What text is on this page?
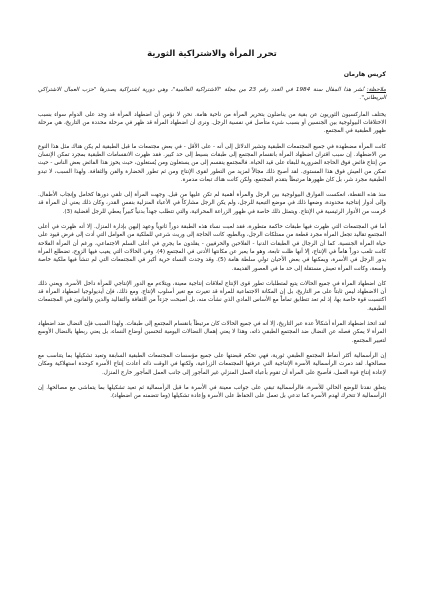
تحرر المرأة والاشتراكية الثورية
كريس هارمان

ملاحظة: نُشر هذا المقال سنة 1984 في العدد رقم 23 من مجلة "الاشتراكية العالمية"، وهي دورية اشتراكية يصدرها "حزب العمال الاشتراكي البريطاني".

يختلف الماركسيون الثوريون عن بقية من يناضلون بتحرير المرأة من ناحية هامة. نحن لا نؤمن أن اضطهاد المرأة قد وجد على الدوام سواء بسبب الاختلافات البيولوجية بين الجنسين أو بسبب شيء متأصل في نفسية الرجل. ونرى أن اضطهاد المرأة قد ظهر في مرحلة محددة من التاريخ، هي مرحلة ظهور الطبقية في المجتمع.

كانت المرأة مضطهدة في جميع المجتمعات الطبقية وتشير الدلائل إلى أنه - على الأقل - في بعض مجتمعات ما قبل الطبقية لم يكن هناك مثل هذا النوع من الاضطهاد. إن سبب اقتران اضطهاد المرأة بانقسام المجتمع إلى طبقات بسيط إلى حد كبير. فقد ظهرت الانقسامات الطبقية بمجرد تمكن الإنسان من إنتاج فائض فوق الحاجة الضرورية للبقاء على قيد الحياة. فالمجتمع ينقسم إلى من يستغلون ومن يُستغلون، حيث يحوز هذا الفائض بعض الناس - حيث تمكن من العيش فوق هذا المستوى. لقد أصبح ذلك مجالاً لمزيد من التطور لقوى الإنتاج ومن ثم تطور الحضارة والفن والثقافة. ولهذا السبب، لا تبدو الطبقية مجرد شر، بل كان ظهورها مرتبطاً بتقدم المجتمع، ولكن كانت هناك تبعات مدمرة.

منذ هذه النقطة، انعكست الفوارق البيولوجية بين الرجل والمرأة أهمية لم تكن عليها من قبل. وجهت المرأة إلى تلقي دورها كحامل وإنجاب الأطفال. وإلى أدوار إنتاجية محدودة، وضعها ذلك في موضع التبعية للرجل، ولم يكن الرجل مشاركاً في الأعباء المنزلية بنفس القدر، وكان ذلك يعني أن المرأة قد حُرمت من الأدوار الرئيسية في الإنتاج. ويتمثل ذلك خاصة في ظهور الزراعة المحراثية، والتي تتطلب جهداً بدنياً كبيراً يعطي للرجل أفضلية (3).

أما في المجتمعات التي ظهرت فيها طبقات حاكمة متطورة، فقد لعبت نساء هذه الطبقة دوراً ثانوياً وعهد إليهن بإدارة المنزل. إلا أنه ظهرت في أعلى المجتمع تقاليد تجعل المرأة مجرد قطعة من ممتلكات الرجل، وبالطبع، كانت الحاجة إلى وريث شرعي للملكية من العوامل التي أدت إلى فرض قيود على حياة المرأة الجنسية. كما أن الرجال في الطبقات الدنيا - الفلاحين والحرفيين - يقلدون ما يجري في أعلى السلم الاجتماعي، ورغم أن المرأة الفلاحة كانت تلعب دوراً هاماً في الإنتاج، إلا أنها ظلت تابعة، وهو ما يعبر عن مكانتها الأدنى في المجتمع (4). وفي الحالات التي يغيب فيها الزوج، تضطلع المرأة بدور الرجل في الأسرة، ويمكنها في بعض الأحيان تولي سلطة هامة (5). وقد وجدت النساء حرية أكبر في المجتمعات التي لم تنشأ فيها ملكية خاصة واسعة، وكانت المرأة تعيش مستقلة إلى حد ما في العصور القديمة.

كان اضطهاد المرأة في جميع الحالات يتبع لمتطلبات تطور قوى الإنتاج لعلاقات إنتاجية معينة، ويتلاءم مع الدور الإنتاجي للمرأة داخل الأسرة. ويعني ذلك أن الاضطهاد ليس ثابتاً على مر التاريخ، بل إن المكانة الاجتماعية للمرأة قد تغيرت مع تغير أسلوب الإنتاج. ومع ذلك، فإن أيديولوجيا اضطهاد المرأة قد اكتسبت قوة خاصة بها، إذ لم تعد تتطابق تماماً مع الأساس المادي الذي نشأت منه، بل أصبحت جزءاً من الثقافة والتقاليد والدين والقانون في المجتمعات الطبقية.

لقد اتخذ اضطهاد المرأة أشكالاً عدة عبر التاريخ، إلا أنه في جميع الحالات كان مرتبطاً بانقسام المجتمع إلى طبقات. ولهذا السبب فإن النضال ضد اضطهاد المرأة لا يمكن فصله عن النضال ضد المجتمع الطبقي ذاته، وهذا لا يعني إهمال النضالات اليومية لتحسين أوضاع النساء، بل يعني ربطها بالنضال الأوسع لتغيير المجتمع.

إن الرأسمالية أكثر أنماط المجتمع الطبقي ثورية، فهي تحكم قبضتها على جميع مؤسسات المجتمعات الطبقية السابقة وتعيد تشكيلها بما يتناسب مع مصالحها. لقد دمرت الرأسمالية الأسرة الإنتاجية التي عرفتها المجتمعات الزراعية، ولكنها في الوقت ذاته أعادت إنتاج الأسرة كوحدة استهلاكية ومكان لإعادة إنتاج قوة العمل، فأصبح على المرأة أن تقوم بأعباء العمل المنزلي غير المأجور إلى جانب العمل المأجور خارج المنزل.

يتعلق نقدنا للوضع الحالي للأسرة، فالرأسمالية تبقي على جوانب معينة في الأسرة ما قبل الرأسمالية ثم تعيد تشكيلها بما يتماشى مع مصالحها. إن الرأسمالية لا تتحرك لهدم الأسرة كما تدعي بل تعمل على الحفاظ على الأسرة وإعادة تشكيلها (وما تتضمنه من اضطهاد).
